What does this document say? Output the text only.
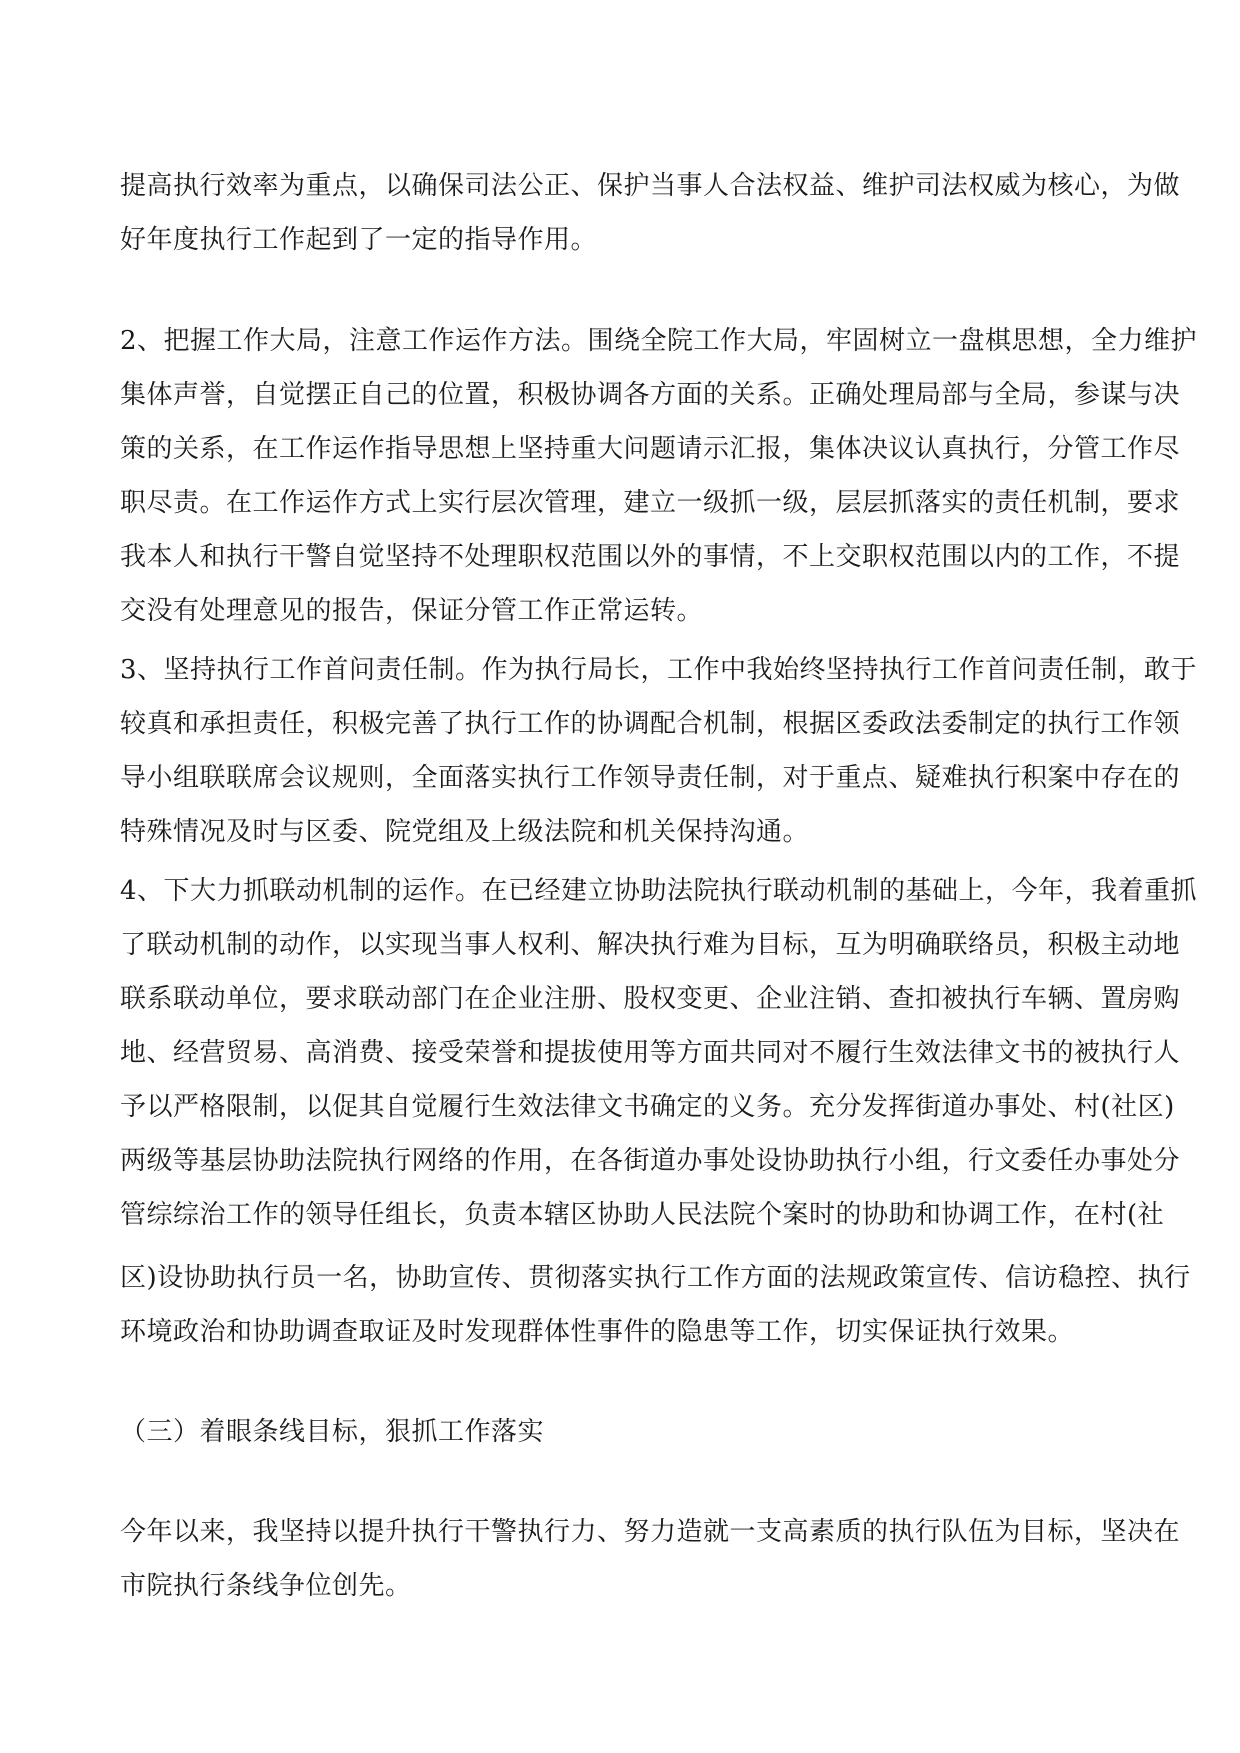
提高执行效率为重点，以确保司法公正、保护当事人合法权益、维护司法权威为核心，为做
好年度执行工作起到了一定的指导作用。

2、把握工作大局，注意工作运作方法。围绕全院工作大局，牢固树立一盘棋思想，全力维护
集体声誉，自觉摆正自己的位置，积极协调各方面的关系。正确处理局部与全局，参谋与决
策的关系，在工作运作指导思想上坚持重大问题请示汇报，集体决议认真执行，分管工作尽
职尽责。在工作运作方式上实行层次管理，建立一级抓一级，层层抓落实的责任机制，要求
我本人和执行干警自觉坚持不处理职权范围以外的事情，不上交职权范围以内的工作，不提
交没有处理意见的报告，保证分管工作正常运转。

3、坚持执行工作首问责任制。作为执行局长，工作中我始终坚持执行工作首问责任制，敢于
较真和承担责任，积极完善了执行工作的协调配合机制，根据区委政法委制定的执行工作领
导小组联联席会议规则，全面落实执行工作领导责任制，对于重点、疑难执行积案中存在的
特殊情况及时与区委、院党组及上级法院和机关保持沟通。

4、下大力抓联动机制的运作。在已经建立协助法院执行联动机制的基础上，今年，我着重抓
了联动机制的动作，以实现当事人权利、解决执行难为目标，互为明确联络员，积极主动地
联系联动单位，要求联动部门在企业注册、股权变更、企业注销、查扣被执行车辆、置房购
地、经营贸易、高消费、接受荣誉和提拔使用等方面共同对不履行生效法律文书的被执行人
予以严格限制，以促其自觉履行生效法律文书确定的义务。充分发挥街道办事处、村(社区)
两级等基层协助法院执行网络的作用，在各街道办事处设协助执行小组，行文委任办事处分
管综综治工作的领导任组长，负责本辖区协助人民法院个案时的协助和协调工作，在村(社

区)设协助执行员一名，协助宣传、贯彻落实执行工作方面的法规政策宣传、信访稳控、执行
环境政治和协助调查取证及时发现群体性事件的隐患等工作，切实保证执行效果。

（三）着眼条线目标，狠抓工作落实

今年以来，我坚持以提升执行干警执行力、努力造就一支高素质的执行队伍为目标，坚决在
市院执行条线争位创先。
